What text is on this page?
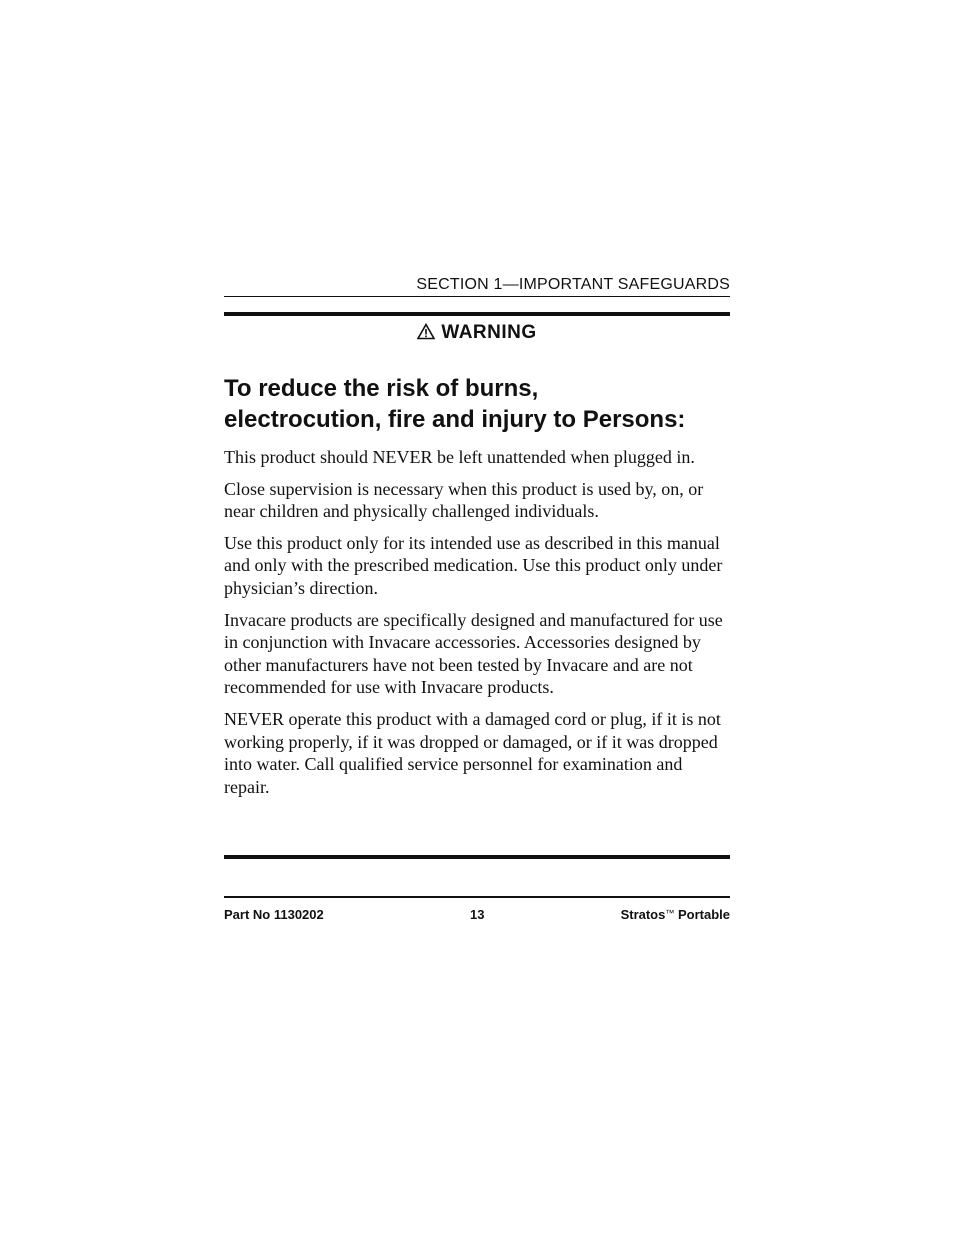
SECTION 1—IMPORTANT SAFEGUARDS
WARNING
To reduce the risk of burns,
electrocution, fire and injury to Persons:

This product should NEVER be left unattended when plugged in.

Close supervision is necessary when this product is used by, on, or near children and physically challenged individuals.

Use this product only for its intended use as described in this manual and only with the prescribed medication. Use this product only under physician’s direction.

Invacare products are specifically designed and manufactured for use in conjunction with Invacare accessories. Accessories designed by other manufacturers have not been tested by Invacare and are not recommended for use with Invacare products.

NEVER operate this product with a damaged cord or plug, if it is not working properly, if it was dropped or damaged, or if it was dropped into water. Call qualified service personnel for examination and repair.

Part No 1130202	13	Stratos™ Portable
